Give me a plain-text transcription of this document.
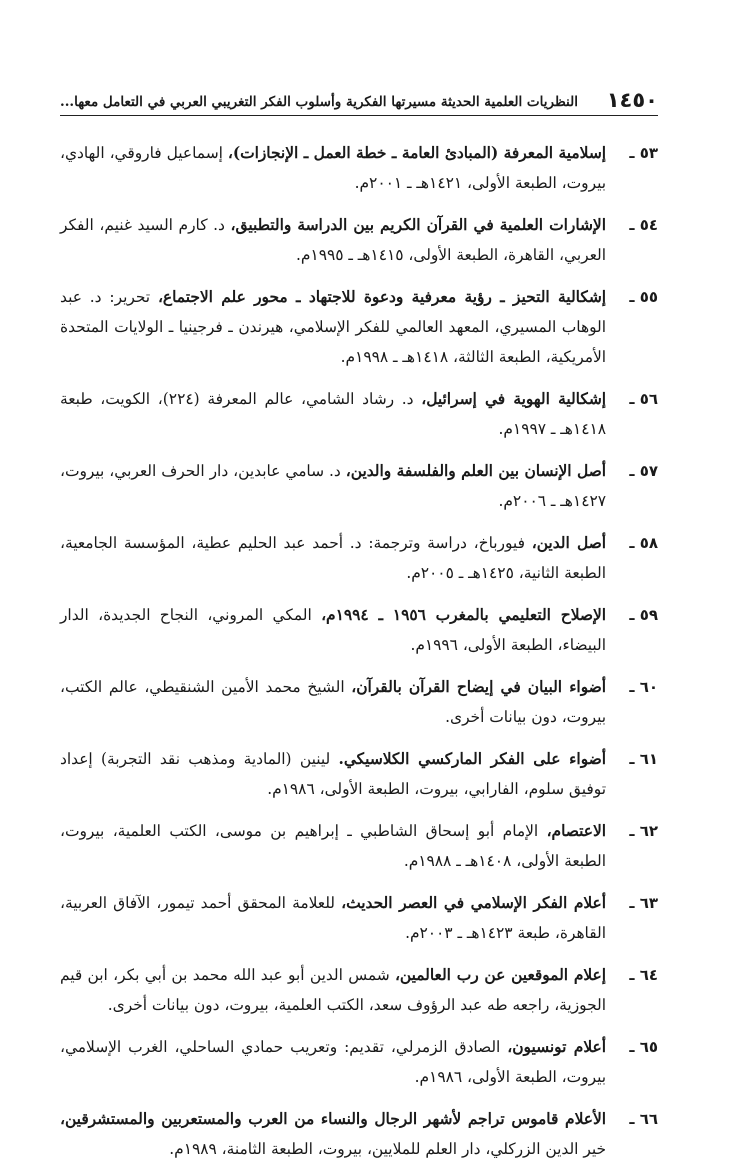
١٤٥٠
النظريات العلمية الحديثة مسيرتها الفكرية وأسلوب الفكر التغريبي العربي في التعامل معها...
٥٣ ـ
إسلامية المعرفة (المبادئ العامة ـ خطة العمل ـ الإنجازات)، إسماعيل فاروقي، الهادي، بيروت، الطبعة الأولى، ١٤٢١هـ ـ ٢٠٠١م.
٥٤ ـ
الإشارات العلمية في القرآن الكريم بين الدراسة والتطبيق، د. كارم السيد غنيم، الفكر العربي، القاهرة، الطبعة الأولى، ١٤١٥هـ ـ ١٩٩٥م.
٥٥ ـ
إشكالية التحيز ـ رؤية معرفية ودعوة للاجتهاد ـ محور علم الاجتماع، تحرير: د. عبد الوهاب المسيري، المعهد العالمي للفكر الإسلامي، هيرندن ـ فرجينيا ـ الولايات المتحدة الأمريكية، الطبعة الثالثة، ١٤١٨هـ ـ ١٩٩٨م.
٥٦ ـ
إشكالية الهوية في إسرائيل، د. رشاد الشامي، عالم المعرفة (٢٢٤)، الكويت، طبعة ١٤١٨هـ ـ ١٩٩٧م.
٥٧ ـ
أصل الإنسان بين العلم والفلسفة والدين، د. سامي عابدين، دار الحرف العربي، بيروت، ١٤٢٧هـ ـ ٢٠٠٦م.
٥٨ ـ
أصل الدين، فيورباخ، دراسة وترجمة: د. أحمد عبد الحليم عطية، المؤسسة الجامعية، الطبعة الثانية، ١٤٢٥هـ ـ ٢٠٠٥م.
٥٩ ـ
الإصلاح التعليمي بالمغرب ١٩٥٦ ـ ١٩٩٤م، المكي المروني، النجاح الجديدة، الدار البيضاء، الطبعة الأولى، ١٩٩٦م.
٦٠ ـ
أضواء البيان في إيضاح القرآن بالقرآن، الشيخ محمد الأمين الشنقيطي، عالم الكتب، بيروت، دون بيانات أخرى.
٦١ ـ
أضواء على الفكر الماركسي الكلاسيكي. لينين (المادية ومذهب نقد التجربة) إعداد توفيق سلوم، الفارابي، بيروت، الطبعة الأولى، ١٩٨٦م.
٦٢ ـ
الاعتصام، الإمام أبو إسحاق الشاطبي ـ إبراهيم بن موسى، الكتب العلمية، بيروت، الطبعة الأولى، ١٤٠٨هـ ـ ١٩٨٨م.
٦٣ ـ
أعلام الفكر الإسلامي في العصر الحديث، للعلامة المحقق أحمد تيمور، الآفاق العربية، القاهرة، طبعة ١٤٢٣هـ ـ ٢٠٠٣م.
٦٤ ـ
إعلام الموقعين عن رب العالمين، شمس الدين أبو عبد الله محمد بن أبي بكر، ابن قيم الجوزية، راجعه طه عبد الرؤوف سعد، الكتب العلمية، بيروت، دون بيانات أخرى.
٦٥ ـ
أعلام تونسيون، الصادق الزمرلي، تقديم: وتعريب حمادي الساحلي، الغرب الإسلامي، بيروت، الطبعة الأولى، ١٩٨٦م.
٦٦ ـ
الأعلام قاموس تراجم لأشهر الرجال والنساء من العرب والمستعربين والمستشرقين، خير الدين الزركلي، دار العلم للملايين، بيروت، الطبعة الثامنة، ١٩٨٩م.
